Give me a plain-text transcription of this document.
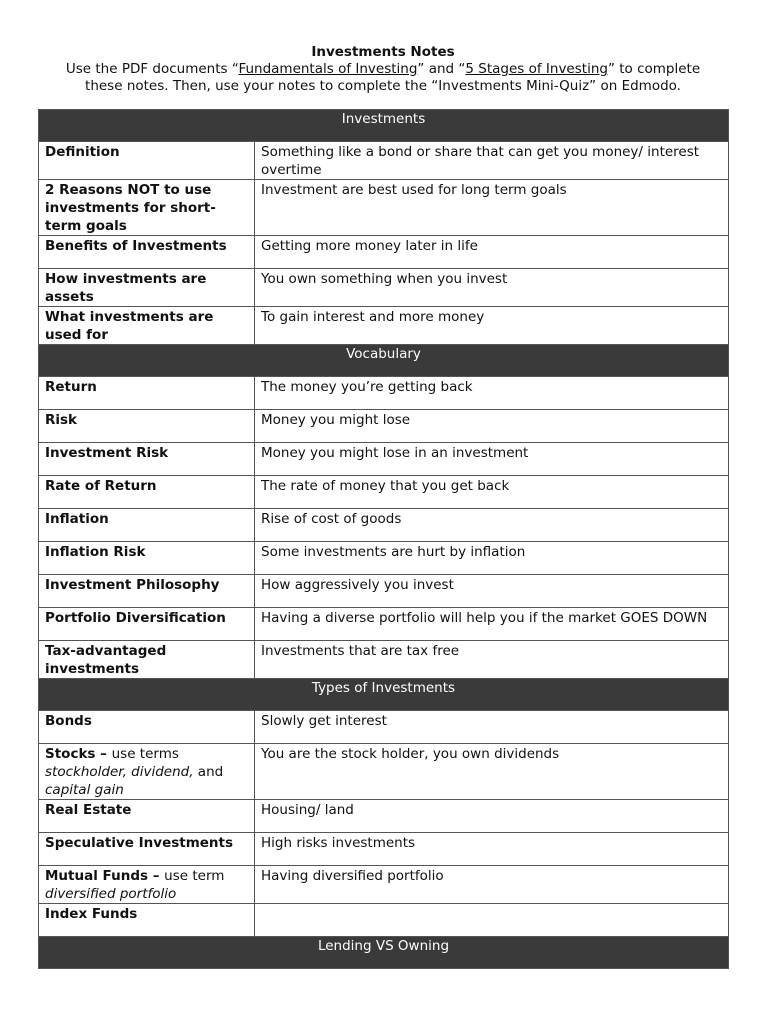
Investments Notes
Use the PDF documents “Fundamentals of Investing” and “5 Stages of Investing” to complete
these notes. Then, use your notes to complete the “Investments Mini-Quiz” on Edmodo.
Investments	
Definition	Something like a bond or share that can get you money/ interest overtime
2 Reasons NOT to use investments for short-term goals	Investment are best used for long term goals
Benefits of Investments	Getting more money later in life
How investments are assets	You own something when you invest
What investments are used for	To gain interest and more money
Vocabulary	
Return	The money you’re getting back
Risk	Money you might lose
Investment Risk	Money you might lose in an investment
Rate of Return	The rate of money that you get back
Inflation	Rise of cost of goods
Inflation Risk	Some investments are hurt by inflation
Investment Philosophy	How aggressively you invest
Portfolio Diversification	Having a diverse portfolio will help you if the market GOES DOWN
Tax-advantaged investments	Investments that are tax free
Types of Investments	
Bonds	Slowly get interest
Stocks – use terms stockholder, dividend, and capital gain	You are the stock holder, you own dividends
Real Estate	Housing/ land
Speculative Investments	High risks investments
Mutual Funds – use term diversified portfolio	Having diversified portfolio
Index Funds	
Lending VS Owning	
